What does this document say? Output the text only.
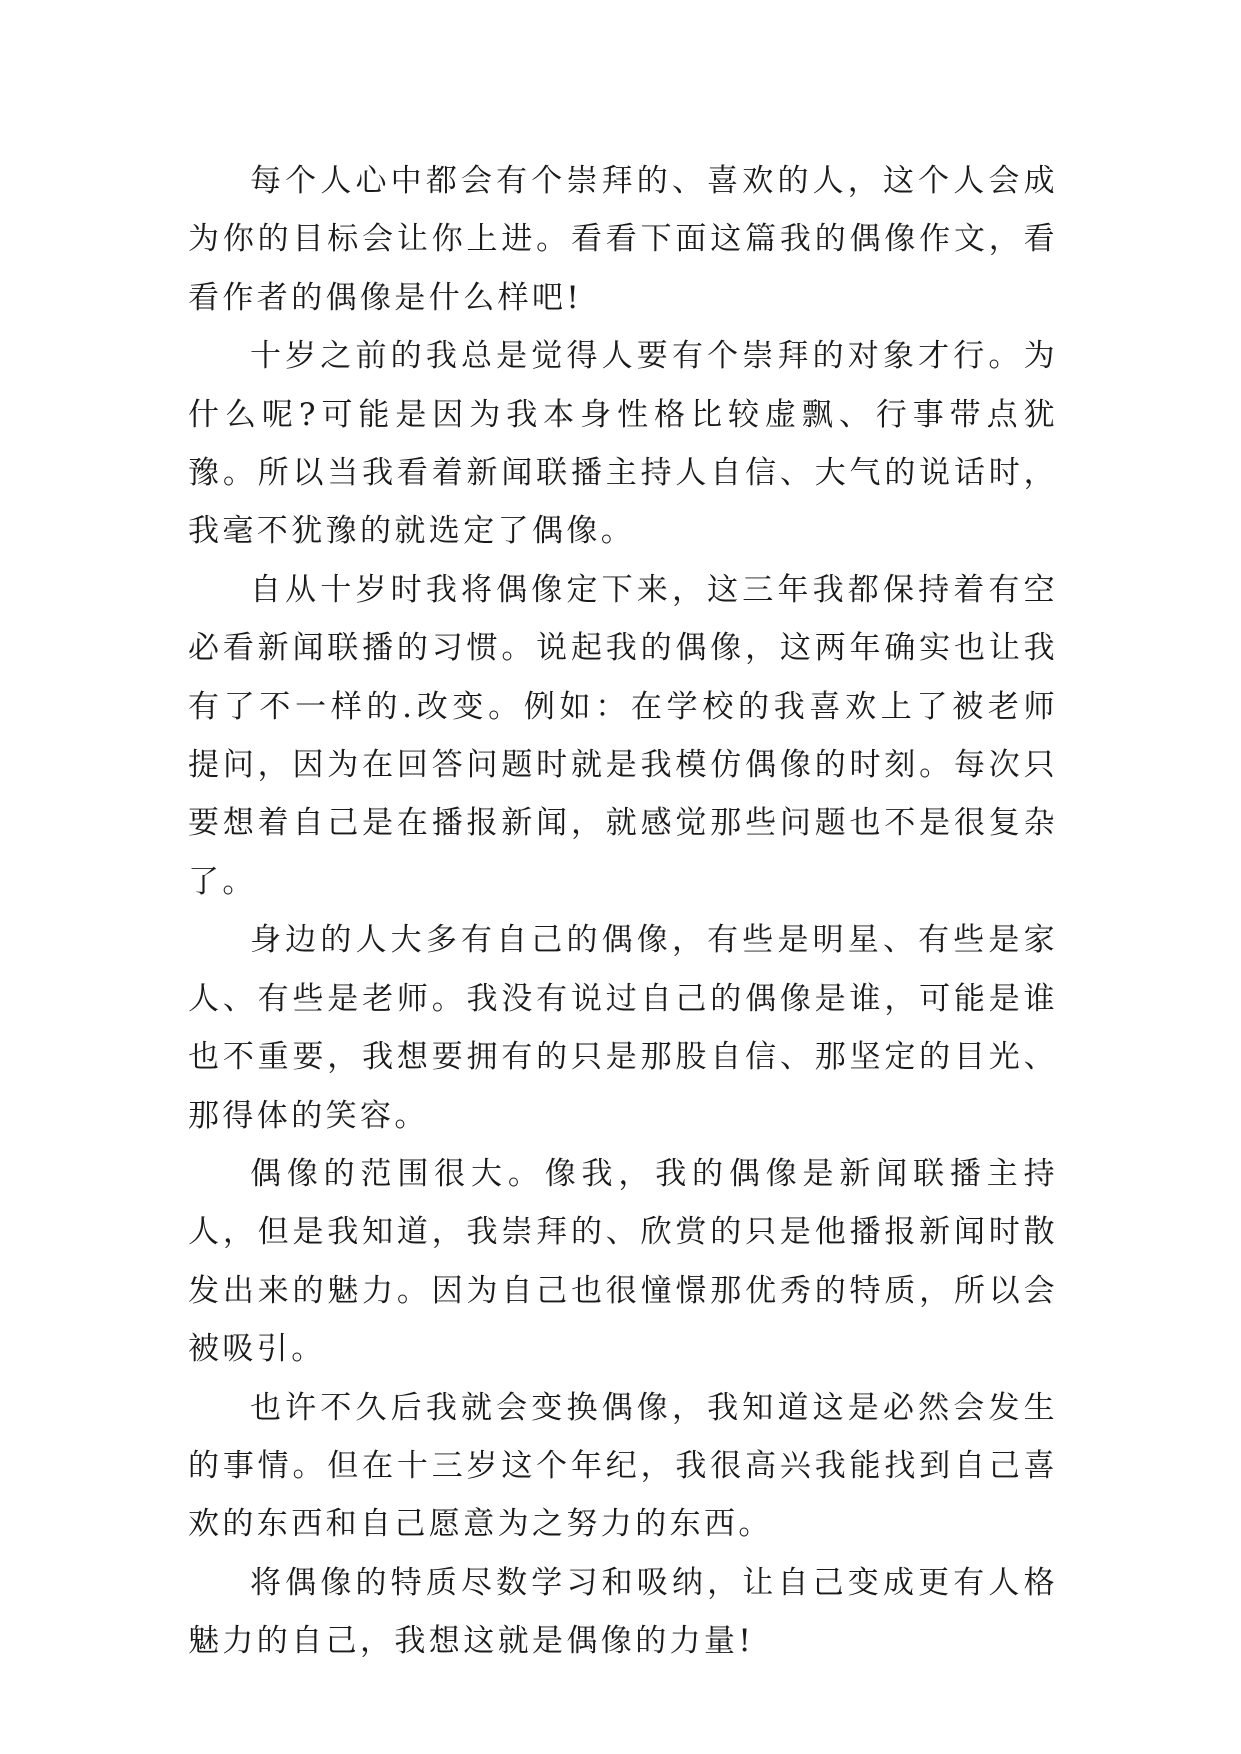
每个人心中都会有个崇拜的、喜欢的人，这个人会成为你的目标会让你上进。看看下面这篇我的偶像作文，看看作者的偶像是什么样吧!

十岁之前的我总是觉得人要有个崇拜的对象才行。为什么呢?可能是因为我本身性格比较虚飘、行事带点犹豫。所以当我看着新闻联播主持人自信、大气的说话时，我毫不犹豫的就选定了偶像。

自从十岁时我将偶像定下来，这三年我都保持着有空必看新闻联播的习惯。说起我的偶像，这两年确实也让我有了不一样的.改变。例如：在学校的我喜欢上了被老师提问，因为在回答问题时就是我模仿偶像的时刻。每次只要想着自己是在播报新闻，就感觉那些问题也不是很复杂了。

身边的人大多有自己的偶像，有些是明星、有些是家人、有些是老师。我没有说过自己的偶像是谁，可能是谁也不重要，我想要拥有的只是那股自信、那坚定的目光、那得体的笑容。

偶像的范围很大。像我，我的偶像是新闻联播主持人，但是我知道，我崇拜的、欣赏的只是他播报新闻时散发出来的魅力。因为自己也很憧憬那优秀的特质，所以会被吸引。

也许不久后我就会变换偶像，我知道这是必然会发生的事情。但在十三岁这个年纪，我很高兴我能找到自己喜欢的东西和自己愿意为之努力的东西。

将偶像的特质尽数学习和吸纳，让自己变成更有人格魅力的自己，我想这就是偶像的力量!
